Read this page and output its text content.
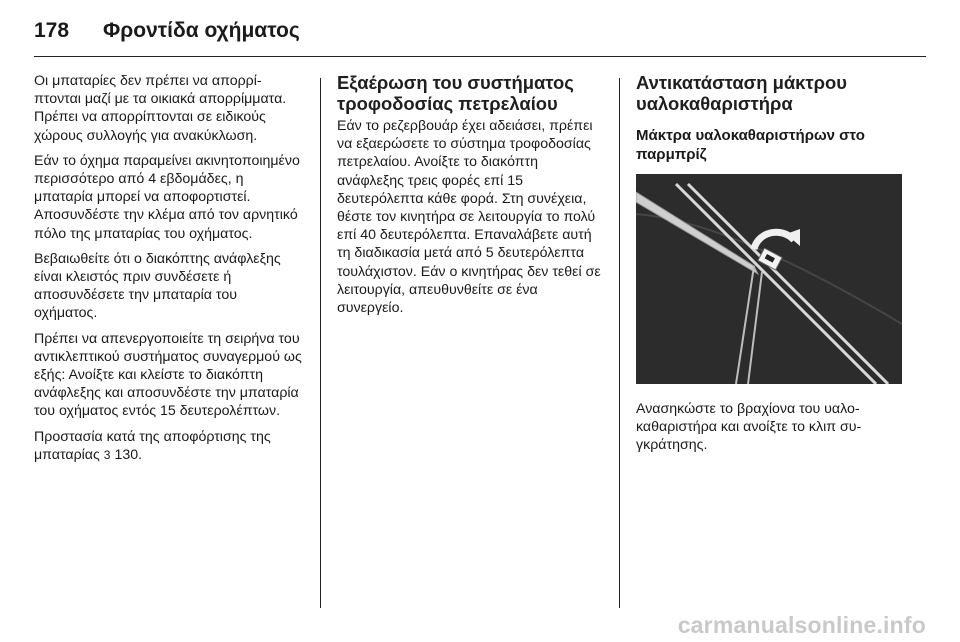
178 Φροντίδα οχήματος

Οι μπαταρίες δεν πρέπει να απορρίπτονται μαζί με τα οικιακά απορρίμματα. Πρέπει να απορρίπτονται σε ειδικούς χώρους συλλογής για ανακύκλωση.

Εάν το όχημα παραμείνει ακινητοποιημένο περισσότερο από 4 εβδομάδες, η μπαταρία μπορεί να αποφορτιστεί. Αποσυνδέστε την κλέμα από τον αρνητικό πόλο της μπαταρίας του οχήματος.

Βεβαιωθείτε ότι ο διακόπτης ανάφλεξης είναι κλειστός πριν συνδέσετε ή αποσυνδέσετε την μπαταρία του οχήματος.

Πρέπει να απενεργοποιείτε τη σειρήνα του αντικλεπτικού συστήματος συναγερμού ως εξής: Ανοίξτε και κλείστε το διακόπτη ανάφλεξης και αποσυνδέστε την μπαταρία του οχήματος εντός 15 δευτερολέπτων.

Προστασία κατά της αποφόρτισης της μπαταρίας 3 130.

Εξαέρωση του συστήματος τροφοδοσίας πετρελαίου

Εάν το ρεζερβουάρ έχει αδειάσει, πρέπει να εξαερώσετε το σύστημα τροφοδοσίας πετρελαίου. Ανοίξτε το διακόπτη ανάφλεξης τρεις φορές επί 15 δευτερόλεπτα κάθε φορά. Στη συνέχεια, θέστε τον κινητήρα σε λειτουργία το πολύ επί 40 δευτερόλεπτα. Επαναλάβετε αυτή τη διαδικασία μετά από 5 δευτερόλεπτα τουλάχιστον. Εάν ο κινητήρας δεν τεθεί σε λειτουργία, απευθυνθείτε σε ένα συνεργείο.

Αντικατάσταση μάκτρου υαλοκαθαριστήρα
Μάκτρα υαλοκαθαριστήρων στο παρμπρίζ

Ανασηκώστε το βραχίονα του υαλοκαθαριστήρα και ανοίξτε το κλιπ συγκράτησης.

carmanualsonline.info
